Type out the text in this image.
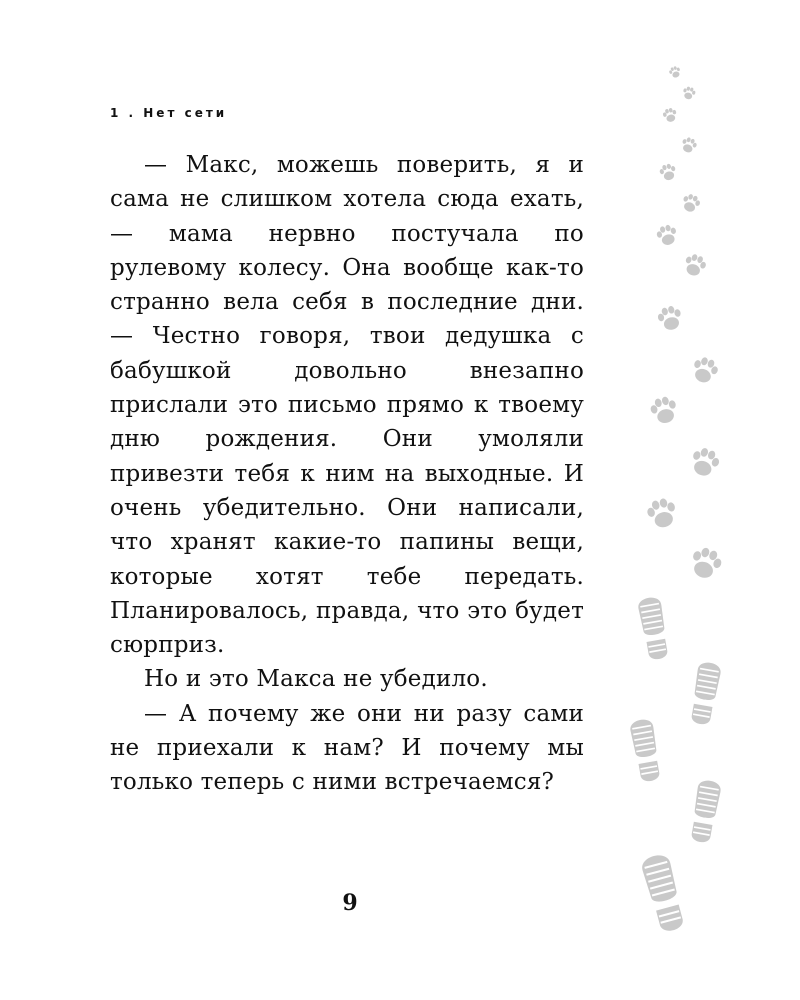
1 . Нет сети

— Макс, можешь поверить, я и сама не слишком хотела сюда ехать, — мама нервно постучала по рулевому колесу. Она вообще как-то странно вела себя в последние дни. — Честно говоря, твои дедушка с бабушкой довольно внезапно прислали это письмо прямо к твоему дню рождения. Они умоляли привезти тебя к ним на выходные. И очень убедительно. Они написали, что хранят какие-то папины вещи, которые хотят тебе передать. Планировалось, правда, что это будет сюрприз.

Но и это Макса не убедило.

— А почему же они ни разу сами не приехали к нам? И почему мы только теперь с ними встречаемся?

9
